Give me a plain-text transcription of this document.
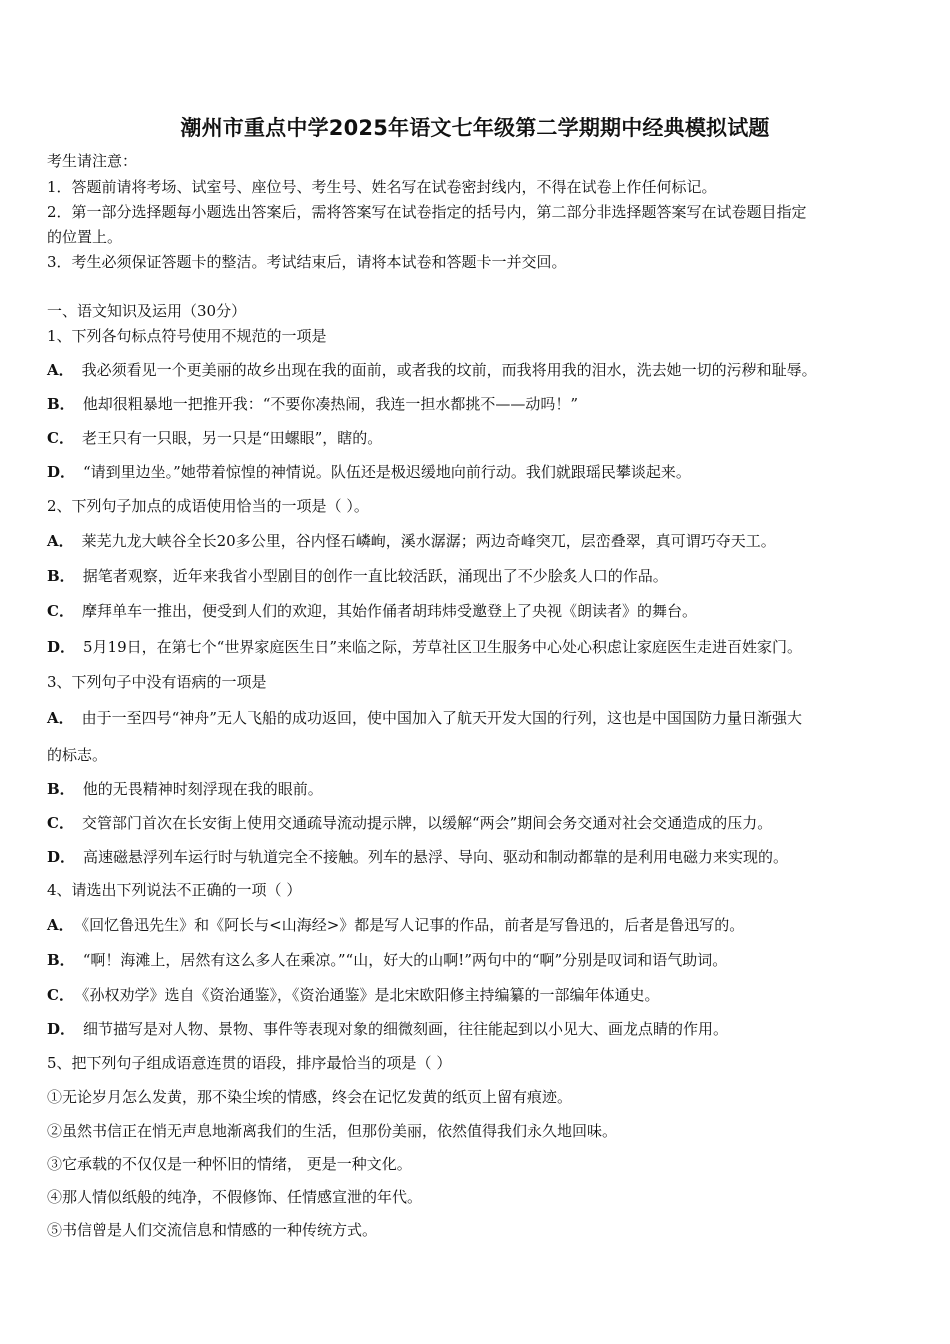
潮州市重点中学2025年语文七年级第二学期期中经典模拟试题
考生请注意：
1．答题前请将考场、试室号、座位号、考生号、姓名写在试卷密封线内，不得在试卷上作任何标记。
2．第一部分选择题每小题选出答案后，需将答案写在试卷指定的括号内，第二部分非选择题答案写在试卷题目指定
的位置上。
3．考生必须保证答题卡的整洁。考试结束后，请将本试卷和答题卡一并交回。
一、语文知识及运用（30分）
1、下列各句标点符号使用不规范的一项是
A． 我必须看见一个更美丽的故乡出现在我的面前，或者我的坟前，而我将用我的泪水，洗去她一切的污秽和耻辱。
B． 他却很粗暴地一把推开我：“不要你凑热闹，我连一担水都挑不——动吗！”
C． 老王只有一只眼，另一只是“田螺眼”，瞎的。
D． “请到里边坐。”她带着惊惶的神情说。队伍还是极迟缓地向前行动。我们就跟瑶民攀谈起来。
2、下列句子加点的成语使用恰当的一项是（ ）。
A． 莱芜九龙大峡谷全长20多公里，谷内怪石嶙峋，溪水潺潺；两边奇峰突兀，层峦叠翠，真可谓巧夺天工。
B． 据笔者观察，近年来我省小型剧目的创作一直比较活跃，涌现出了不少脍炙人口的作品。
C． 摩拜单车一推出，便受到人们的欢迎，其始作俑者胡玮炜受邀登上了央视《朗读者》的舞台。
D． 5月19日，在第七个“世界家庭医生日”来临之际，芳草社区卫生服务中心处心积虑让家庭医生走进百姓家门。
3、下列句子中没有语病的一项是
A． 由于一至四号“神舟”无人飞船的成功返回，使中国加入了航天开发大国的行列，这也是中国国防力量日渐强大
的标志。
B． 他的无畏精神时刻浮现在我的眼前。
C． 交管部门首次在长安街上使用交通疏导流动提示牌，以缓解“两会”期间会务交通对社会交通造成的压力。
D． 高速磁悬浮列车运行时与轨道完全不接触。列车的悬浮、导向、驱动和制动都靠的是利用电磁力来实现的。
4、请选出下列说法不正确的一项（ ）
A． 《回忆鲁迅先生》和《阿长与<山海经>》都是写人记事的作品，前者是写鲁迅的，后者是鲁迅写的。
B． “啊！海滩上，居然有这么多人在乘凉。”“山，好大的山啊!”两句中的“啊”分别是叹词和语气助词。
C． 《孙权劝学》选自《资治通鉴》，《资治通鉴》是北宋欧阳修主持编纂的一部编年体通史。
D． 细节描写是对人物、景物、事件等表现对象的细微刻画，往往能起到以小见大、画龙点睛的作用。
5、把下列句子组成语意连贯的语段，排序最恰当的项是（ ）
①无论岁月怎么发黄，那不染尘埃的情感，终会在记忆发黄的纸页上留有痕迹。
②虽然书信正在悄无声息地渐离我们的生活，但那份美丽，依然值得我们永久地回味。
③它承载的不仅仅是一种怀旧的情绪， 更是一种文化。
④那人情似纸般的纯净，不假修饰、任情感宣泄的年代。
⑤书信曾是人们交流信息和情感的一种传统方式。
